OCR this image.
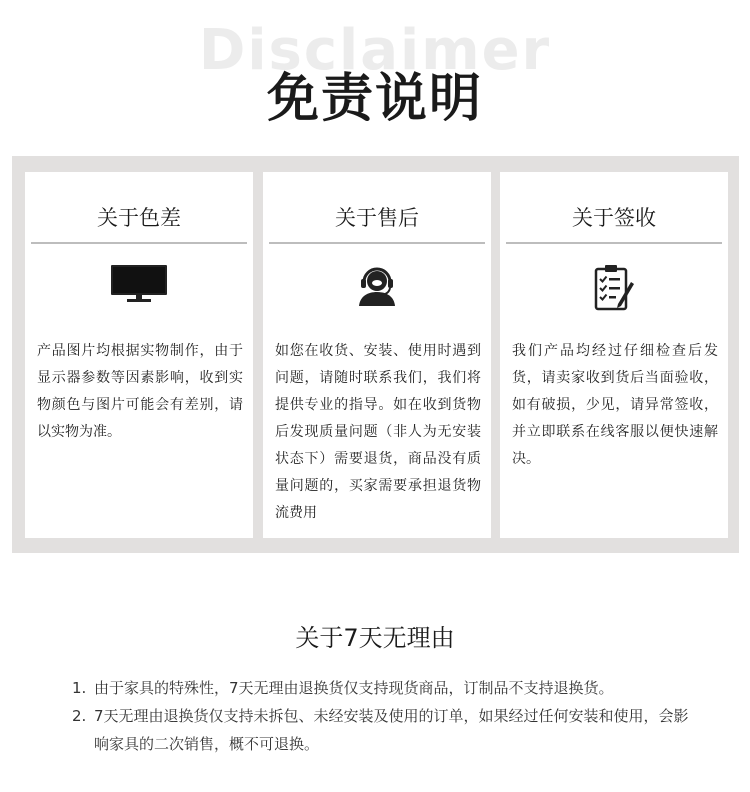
Disclaimer
免责说明
关于色差
产品图片均根据实物制作，由于显示器参数等因素影响，收到实物颜色与图片可能会有差别，请以实物为准。
关于售后
如您在收货、安装、使用时遇到问题，请随时联系我们，我们将提供专业的指导。如在收到货物后发现质量问题（非人为无安装状态下）需要退货，商品没有质量问题的，买家需要承担退货物流费用
关于签收
我们产品均经过仔细检查后发货，请卖家收到货后当面验收，如有破损，少见，请异常签收，并立即联系在线客服以便快速解决。
关于7天无理由
1. 由于家具的特殊性，7天无理由退换货仅支持现货商品，订制品不支持退换货。
2. 7天无理由退换货仅支持未拆包、未经安装及使用的订单，如果经过任何安装和使用，会影响家具的二次销售，概不可退换。
